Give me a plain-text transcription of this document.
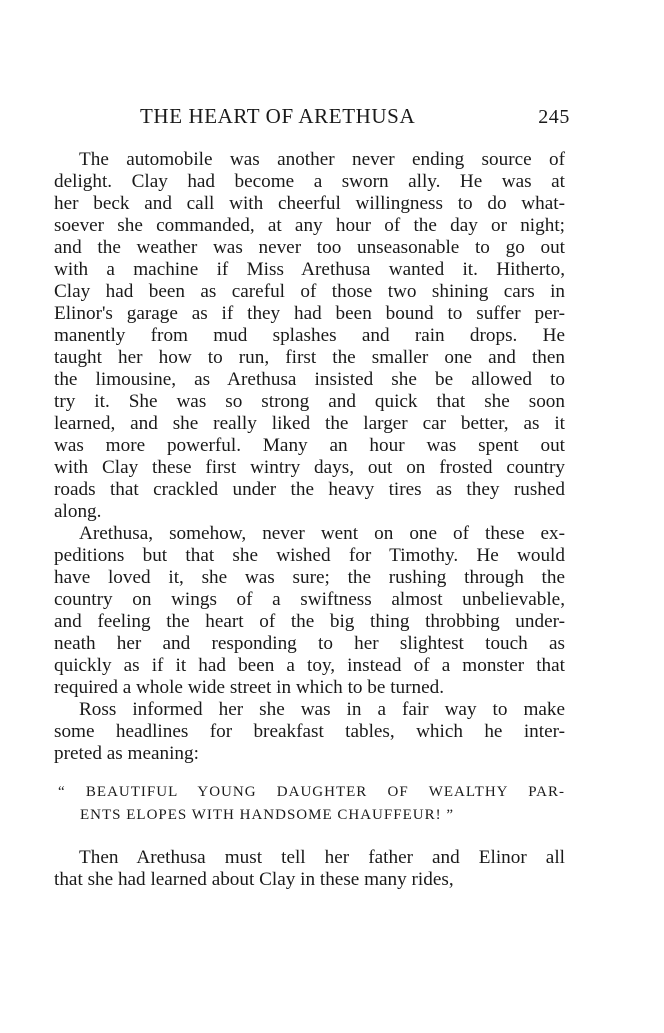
THE HEART OF ARETHUSA	245
The automobile was another never ending source of
delight. Clay had become a sworn ally. He was at
her beck and call with cheerful willingness to do what-
soever she commanded, at any hour of the day or night;
and the weather was never too unseasonable to go out
with a machine if Miss Arethusa wanted it. Hitherto,
Clay had been as careful of those two shining cars in
Elinor's garage as if they had been bound to suffer per-
manently from mud splashes and rain drops. He
taught her how to run, first the smaller one and then
the limousine, as Arethusa insisted she be allowed to
try it. She was so strong and quick that she soon
learned, and she really liked the larger car better, as it
was more powerful. Many an hour was spent out
with Clay these first wintry days, out on frosted country
roads that crackled under the heavy tires as they rushed
along.
Arethusa, somehow, never went on one of these ex-
peditions but that she wished for Timothy. He would
have loved it, she was sure; the rushing through the
country on wings of a swiftness almost unbelievable,
and feeling the heart of the big thing throbbing under-
neath her and responding to her slightest touch as
quickly as if it had been a toy, instead of a monster that
required a whole wide street in which to be turned.
Ross informed her she was in a fair way to make
some headlines for breakfast tables, which he inter-
preted as meaning:
“ BEAUTIFUL YOUNG DAUGHTER OF WEALTHY PAR-
ENTS ELOPES WITH HANDSOME CHAUFFEUR! ”
Then Arethusa must tell her father and Elinor all
that she had learned about Clay in these many rides,
